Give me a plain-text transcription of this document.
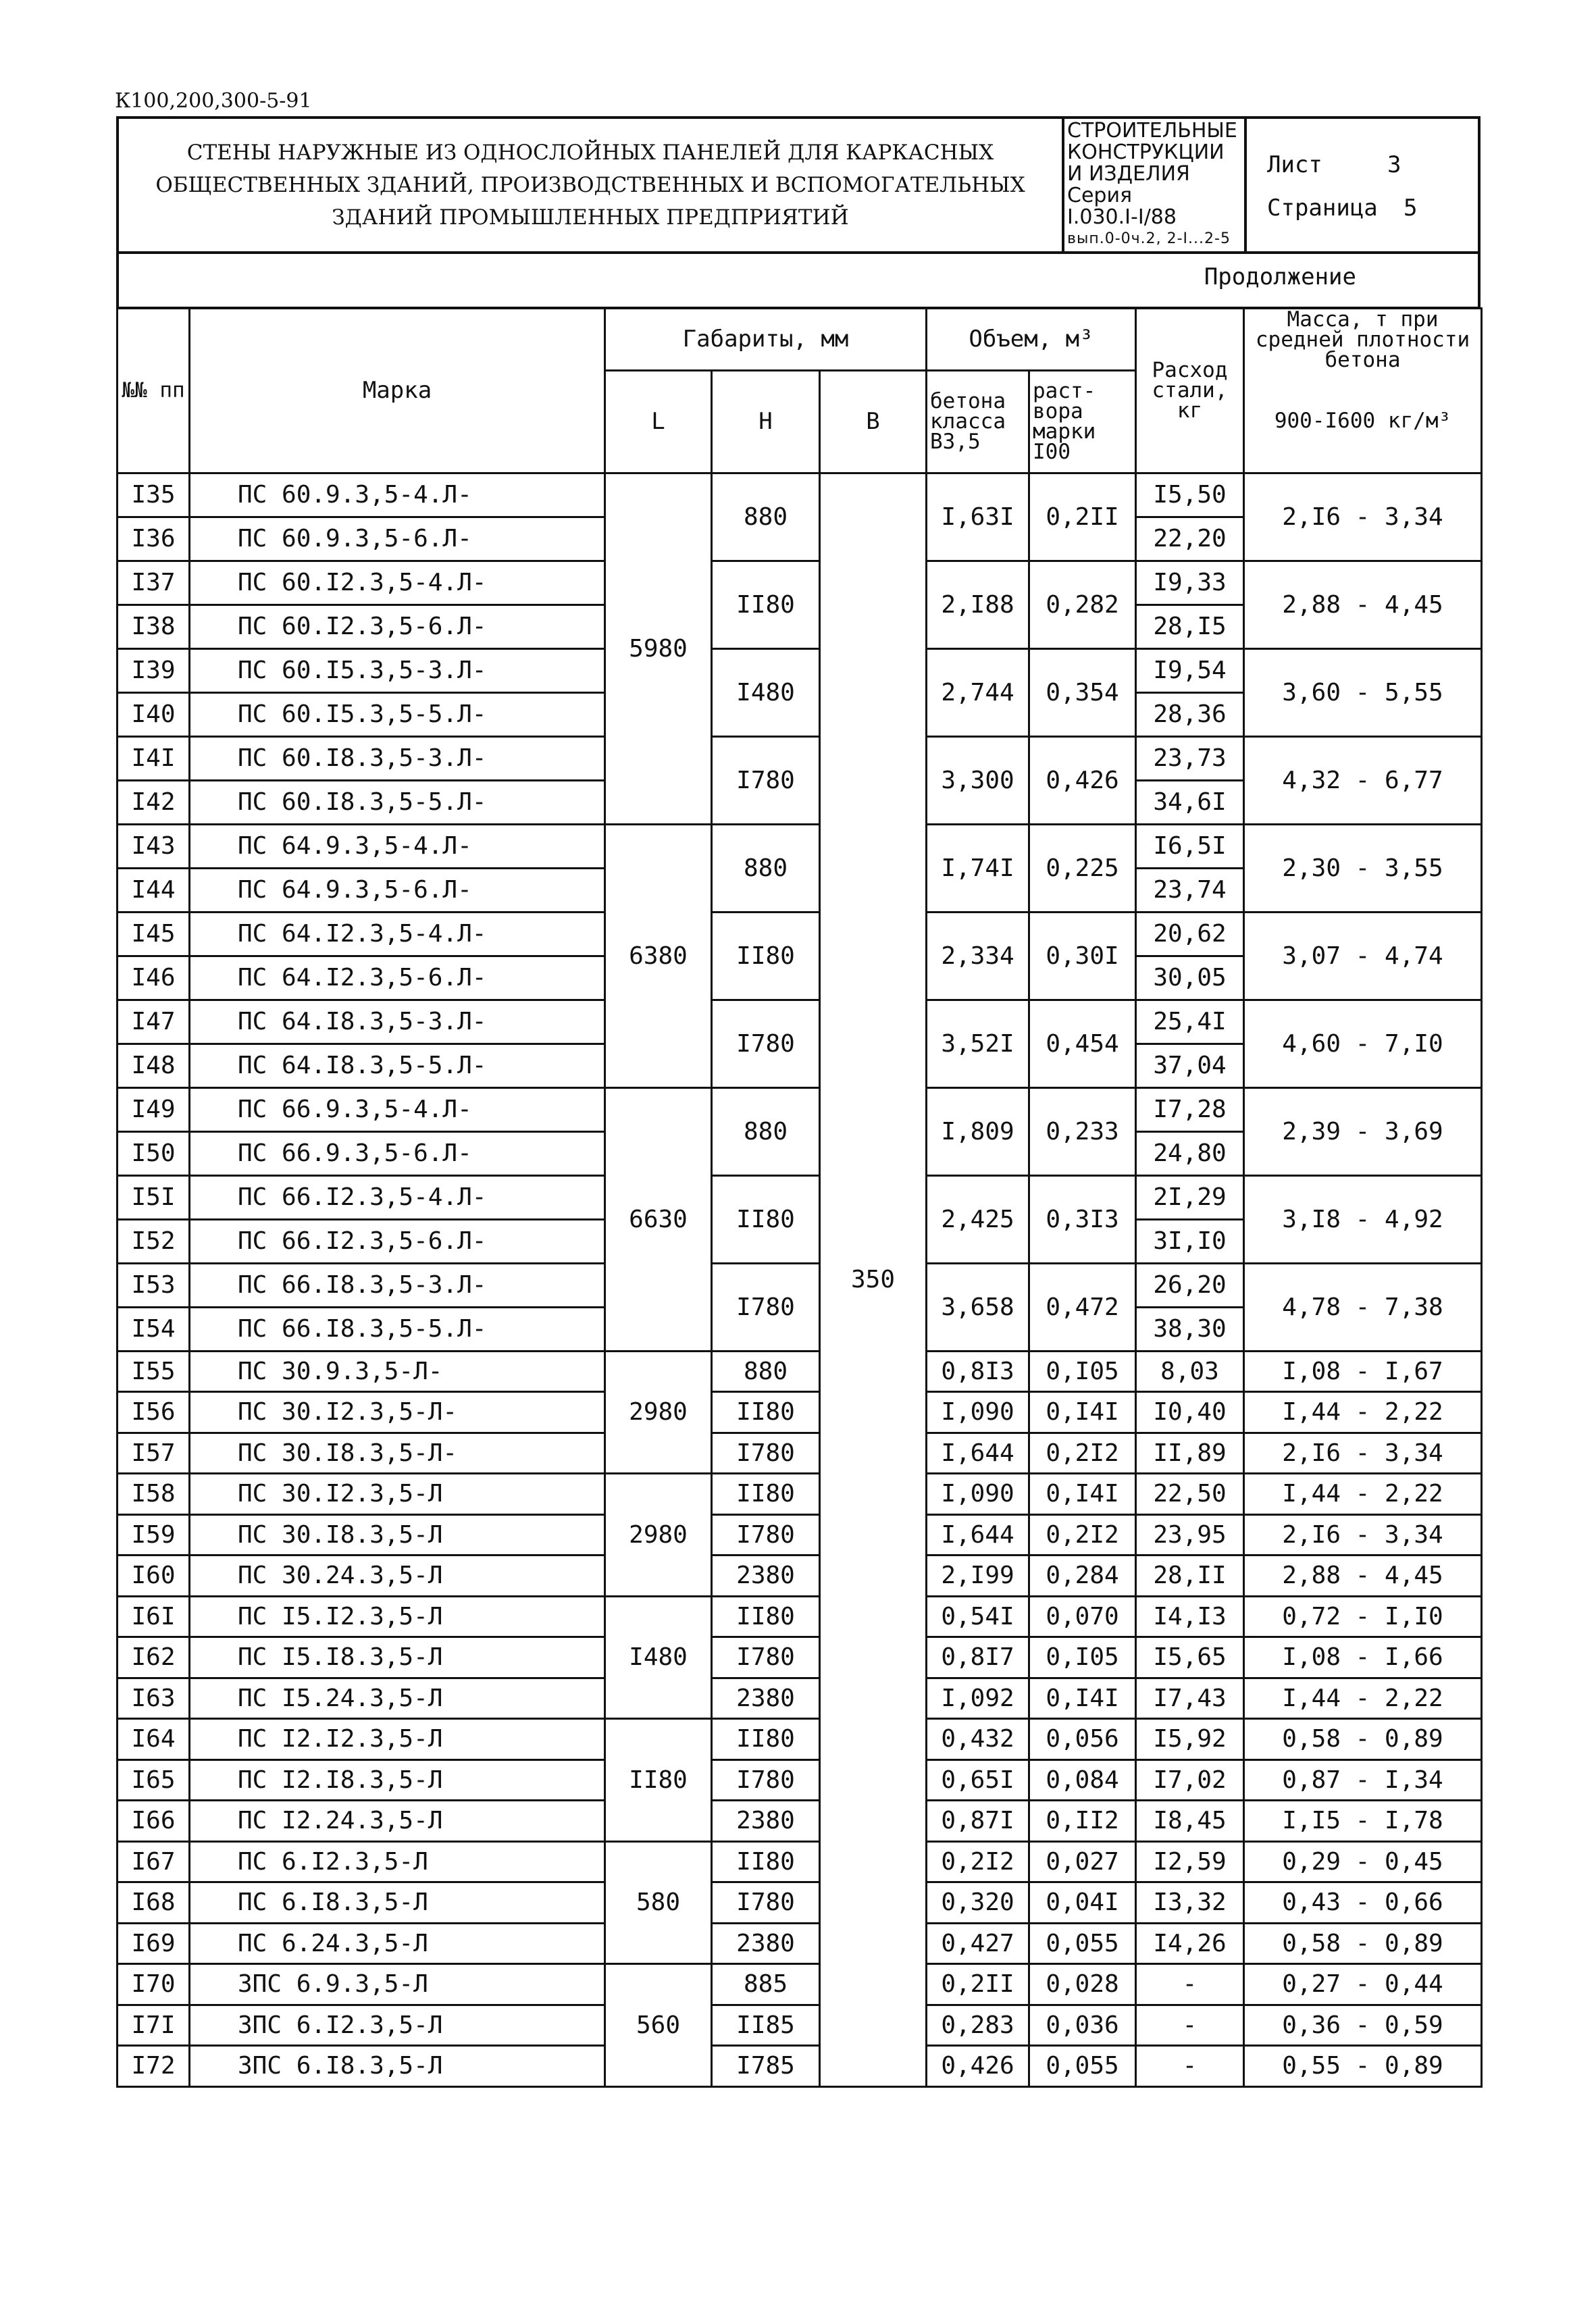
К100,200,300-5-91
СТЕНЫ НАРУЖНЫЕ ИЗ ОДНОСЛОЙНЫХ ПАНЕЛЕЙ ДЛЯ КАРКАСНЫХ
ОБЩЕСТВЕННЫХ ЗДАНИЙ, ПРОИЗВОДСТВЕННЫХ И ВСПОМОГАТЕЛЬНЫХ
ЗДАНИЙ ПРОМЫШЛЕННЫХ ПРЕДПРИЯТИЙ
СТРОИТЕЛЬНЫЕ
КОНСТРУКЦИИ
И ИЗДЕЛИЯ
Серия
I.030.I-I/88
вып.0-0ч.2, 2-I...2-5
Лист	3
Страница 5
Продолжение
№№ пп	Марка	Габариты, мм			Объем, м³		Расход стали, кг	Масса, т при средней плотности бетона
		L	Н	В	бетона класса В3,5	раст-вора марки I00		900-I600 кг/м³
I35	ПС 60.9.3,5-4.Л-	5980	880	350	I,63I	0,2II	I5,50	2,I6 - 3,34
I36	ПС 60.9.3,5-6.Л-						22,20	
I37	ПС 60.I2.3,5-4.Л-		II80		2,I88	0,282	I9,33	2,88 - 4,45
I38	ПС 60.I2.3,5-6.Л-						28,I5	
I39	ПС 60.I5.3,5-3.Л-		I480		2,744	0,354	I9,54	3,60 - 5,55
I40	ПС 60.I5.3,5-5.Л-						28,36	
I4I	ПС 60.I8.3,5-3.Л-		I780		3,300	0,426	23,73	4,32 - 6,77
I42	ПС 60.I8.3,5-5.Л-						34,6I	
I43	ПС 64.9.3,5-4.Л-	6380	880		I,74I	0,225	I6,5I	2,30 - 3,55
I44	ПС 64.9.3,5-6.Л-						23,74	
I45	ПС 64.I2.3,5-4.Л-		II80		2,334	0,30I	20,62	3,07 - 4,74
I46	ПС 64.I2.3,5-6.Л-						30,05	
I47	ПС 64.I8.3,5-3.Л-		I780		3,52I	0,454	25,4I	4,60 - 7,I0
I48	ПС 64.I8.3,5-5.Л-						37,04	
I49	ПС 66.9.3,5-4.Л-	6630	880		I,809	0,233	I7,28	2,39 - 3,69
I50	ПС 66.9.3,5-6.Л-						24,80	
I5I	ПС 66.I2.3,5-4.Л-		II80		2,425	0,3I3	2I,29	3,I8 - 4,92
I52	ПС 66.I2.3,5-6.Л-						3I,I0	
I53	ПС 66.I8.3,5-3.Л-		I780		3,658	0,472	26,20	4,78 - 7,38
I54	ПС 66.I8.3,5-5.Л-						38,30	
I55	ПС 30.9.3,5-Л-	2980	880		0,8I3	0,I05	8,03	I,08 - I,67
I56	ПС 30.I2.3,5-Л-		II80		I,090	0,I4I	I0,40	I,44 - 2,22
I57	ПС 30.I8.3,5-Л-		I780		I,644	0,2I2	II,89	2,I6 - 3,34
I58	ПС 30.I2.3,5-Л	2980	II80		I,090	0,I4I	22,50	I,44 - 2,22
I59	ПС 30.I8.3,5-Л		I780		I,644	0,2I2	23,95	2,I6 - 3,34
I60	ПС 30.24.3,5-Л		2380		2,I99	0,284	28,II	2,88 - 4,45
I6I	ПС I5.I2.3,5-Л	I480	II80		0,54I	0,070	I4,I3	0,72 - I,I0
I62	ПС I5.I8.3,5-Л		I780		0,8I7	0,I05	I5,65	I,08 - I,66
I63	ПС I5.24.3,5-Л		2380		I,092	0,I4I	I7,43	I,44 - 2,22
I64	ПС I2.I2.3,5-Л	II80	II80		0,432	0,056	I5,92	0,58 - 0,89
I65	ПС I2.I8.3,5-Л		I780		0,65I	0,084	I7,02	0,87 - I,34
I66	ПС I2.24.3,5-Л		2380		0,87I	0,II2	I8,45	I,I5 - I,78
I67	ПС 6.I2.3,5-Л	580	II80		0,2I2	0,027	I2,59	0,29 - 0,45
I68	ПС 6.I8.3,5-Л		I780		0,320	0,04I	I3,32	0,43 - 0,66
I69	ПС 6.24.3,5-Л		2380		0,427	0,055	I4,26	0,58 - 0,89
I70	ЗПС 6.9.3,5-Л	560	885		0,2II	0,028	-	0,27 - 0,44
I7I	ЗПС 6.I2.3,5-Л		II85		0,283	0,036	-	0,36 - 0,59
I72	ЗПС 6.I8.3,5-Л		I785		0,426	0,055	-	0,55 - 0,89
